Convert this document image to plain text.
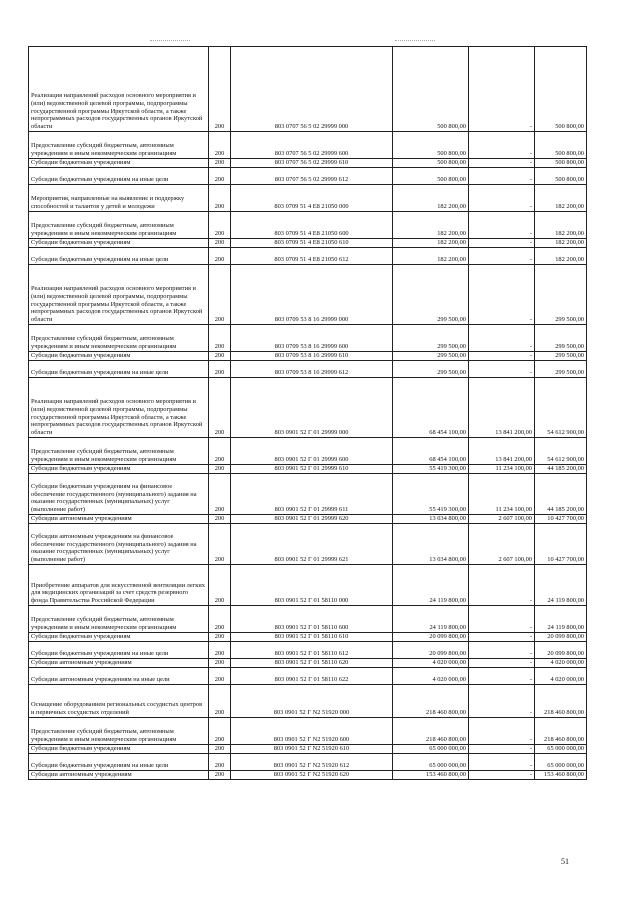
Реализация направлений расходов основного мероприятия и (или) ведомственной целевой программы, подпрограммы государственной программы Иркутской области, а также непрограммных расходов государственных органов Иркутской области	200	803 0707 56 5 02 29999 000	500 800,00	-	500 800,00
Предоставление субсидий бюджетным, автономным учреждениям и иным некоммерческим организациям	200	803 0707 56 5 02 29999 600	500 800,00	-	500 800,00
Субсидии бюджетным учреждениям	200	803 0707 56 5 02 29999 610	500 800,00	-	500 800,00
Субсидии бюджетным учреждениям на иные цели	200	803 0707 56 5 02 29999 612	500 800,00	-	500 800,00
Мероприятия, направленные на выявление и поддержку способностей и талантов у детей и молодежи	200	803 0709 51 4 E8 21050 000	182 200,00	-	182 200,00
Предоставление субсидий бюджетным, автономным учреждениям и иным некоммерческим организациям	200	803 0709 51 4 E8 21050 600	182 200,00	-	182 200,00
Субсидии бюджетным учреждениям	200	803 0709 51 4 E8 21050 610	182 200,00	-	182 200,00
Субсидии бюджетным учреждениям на иные цели	200	803 0709 51 4 E8 21050 612	182 200,00	-	182 200,00
Реализация направлений расходов основного мероприятия и (или) ведомственной целевой программы, подпрограммы государственной программы Иркутской области, а также непрограммных расходов государственных органов Иркутской области	200	803 0709 53 8 16 29999 000	299 500,00	-	299 500,00
Предоставление субсидий бюджетным, автономным учреждениям и иным некоммерческим организациям	200	803 0709 53 8 16 29999 600	299 500,00	-	299 500,00
Субсидии бюджетным учреждениям	200	803 0709 53 8 16 29999 610	299 500,00	-	299 500,00
Субсидии бюджетным учреждениям на иные цели	200	803 0709 53 8 16 29999 612	299 500,00	-	299 500,00
Реализация направлений расходов основного мероприятия и (или) ведомственной целевой программы, подпрограммы государственной программы Иркутской области, а также непрограммных расходов государственных органов Иркутской области	200	803 0901 52 Г 01 29999 000	68 454 100,00	13 841 200,00	54 612 900,00
Предоставление субсидий бюджетным, автономным учреждениям и иным некоммерческим организациям	200	803 0901 52 Г 01 29999 600	68 454 100,00	13 841 200,00	54 612 900,00
Субсидии бюджетным учреждениям	200	803 0901 52 Г 01 29999 610	55 419 300,00	11 234 100,00	44 185 200,00
Субсидии бюджетным учреждениям на финансовое обеспечение государственного (муниципального) задания на оказание государственных (муниципальных) услуг (выполнение работ)	200	803 0901 52 Г 01 29999 611	55 419 300,00	11 234 100,00	44 185 200,00
Субсидии автономным учреждениям	200	803 0901 52 Г 01 29999 620	13 034 800,00	2 607 100,00	10 427 700,00
Субсидии автономным учреждениям на финансовое обеспечение государственного (муниципального) задания на оказание государственных (муниципальных) услуг (выполнение работ)	200	803 0901 52 Г 01 29999 621	13 034 800,00	2 607 100,00	10 427 700,00
Приобретение аппаратов для искусственной вентиляции легких для медицинских организаций за счет средств резервного фонда Правительства Российской Федерации	200	803 0901 52 Г 01 58110 000	24 119 800,00	-	24 119 800,00
Предоставление субсидий бюджетным, автономным учреждениям и иным некоммерческим организациям	200	803 0901 52 Г 01 58110 600	24 119 800,00	-	24 119 800,00
Субсидии бюджетным учреждениям	200	803 0901 52 Г 01 58110 610	20 099 800,00	-	20 099 800,00
Субсидии бюджетным учреждениям на иные цели	200	803 0901 52 Г 01 58110 612	20 099 800,00	-	20 099 800,00
Субсидии автономным учреждениям	200	803 0901 52 Г 01 58110 620	4 020 000,00	-	4 020 000,00
Субсидии автономным учреждениям на иные цели	200	803 0901 52 Г 01 58110 622	4 020 000,00	-	4 020 000,00
Оснащение оборудованием региональных сосудистых центров и первичных сосудистых отделений	200	803 0901 52 Г N2 51920 000	218 460 800,00	-	218 460 800,00
Предоставление субсидий бюджетным, автономным учреждениям и иным некоммерческим организациям	200	803 0901 52 Г N2 51920 600	218 460 800,00	-	218 460 800,00
Субсидии бюджетным учреждениям	200	803 0901 52 Г N2 51920 610	65 000 000,00	-	65 000 000,00
Субсидии бюджетным учреждениям на иные цели	200	803 0901 52 Г N2 51920 612	65 000 000,00	-	65 000 000,00
Субсидии автономным учреждениям	200	803 0901 52 Г N2 51920 620	153 460 800,00	-	153 460 800,00
51
